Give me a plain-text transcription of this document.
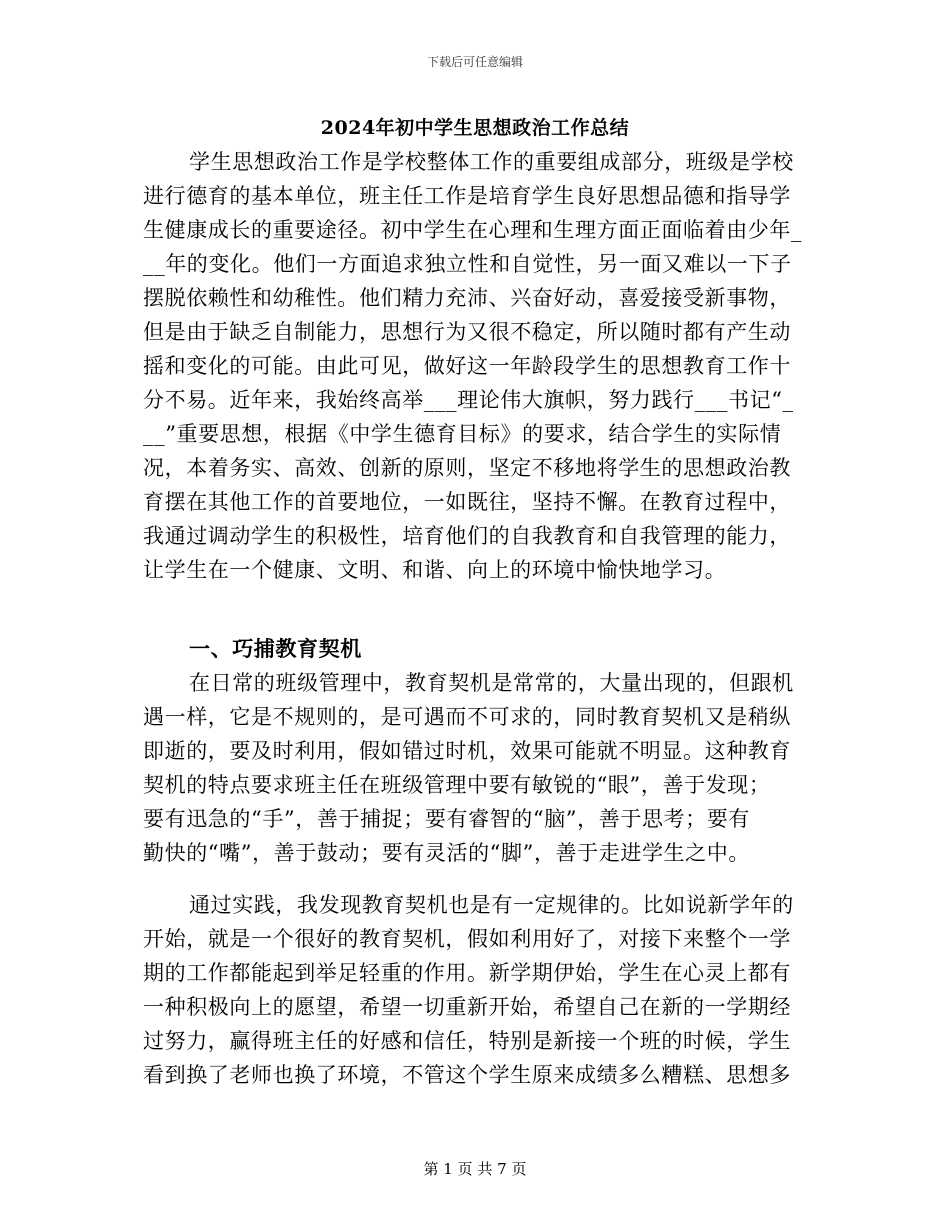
下载后可任意编辑
2024年初中学生思想政治工作总结
学生思想政治工作是学校整体工作的重要组成部分，班级是学校
进行德育的基本单位，班主任工作是培育学生良好思想品德和指导学
生健康成长的重要途径。初中学生在心理和生理方面正面临着由少年_
__年的变化。他们一方面追求独立性和自觉性，另一面又难以一下子
摆脱依赖性和幼稚性。他们精力充沛、兴奋好动，喜爱接受新事物，
但是由于缺乏自制能力，思想行为又很不稳定，所以随时都有产生动
摇和变化的可能。由此可见，做好这一年龄段学生的思想教育工作十
分不易。近年来，我始终高举___理论伟大旗帜，努力践行___书记“_
__”重要思想，根据《中学生德育目标》的要求，结合学生的实际情
况，本着务实、高效、创新的原则，坚定不移地将学生的思想政治教
育摆在其他工作的首要地位，一如既往，坚持不懈。在教育过程中，
我通过调动学生的积极性，培育他们的自我教育和自我管理的能力，
让学生在一个健康、文明、和谐、向上的环境中愉快地学习。
一、巧捕教育契机
在日常的班级管理中，教育契机是常常的，大量出现的，但跟机
遇一样，它是不规则的，是可遇而不可求的，同时教育契机又是稍纵
即逝的，要及时利用，假如错过时机，效果可能就不明显。这种教育
契机的特点要求班主任在班级管理中要有敏锐的“眼”，善于发现；
要有迅急的“手”，善于捕捉；要有睿智的“脑”，善于思考；要有
勤快的“嘴”，善于鼓动；要有灵活的“脚”，善于走进学生之中。
通过实践，我发现教育契机也是有一定规律的。比如说新学年的
开始，就是一个很好的教育契机，假如利用好了，对接下来整个一学
期的工作都能起到举足轻重的作用。新学期伊始，学生在心灵上都有
一种积极向上的愿望，希望一切重新开始，希望自己在新的一学期经
过努力，赢得班主任的好感和信任，特别是新接一个班的时候，学生
看到换了老师也换了环境，不管这个学生原来成绩多么糟糕、思想多
第 1 页 共 7 页
